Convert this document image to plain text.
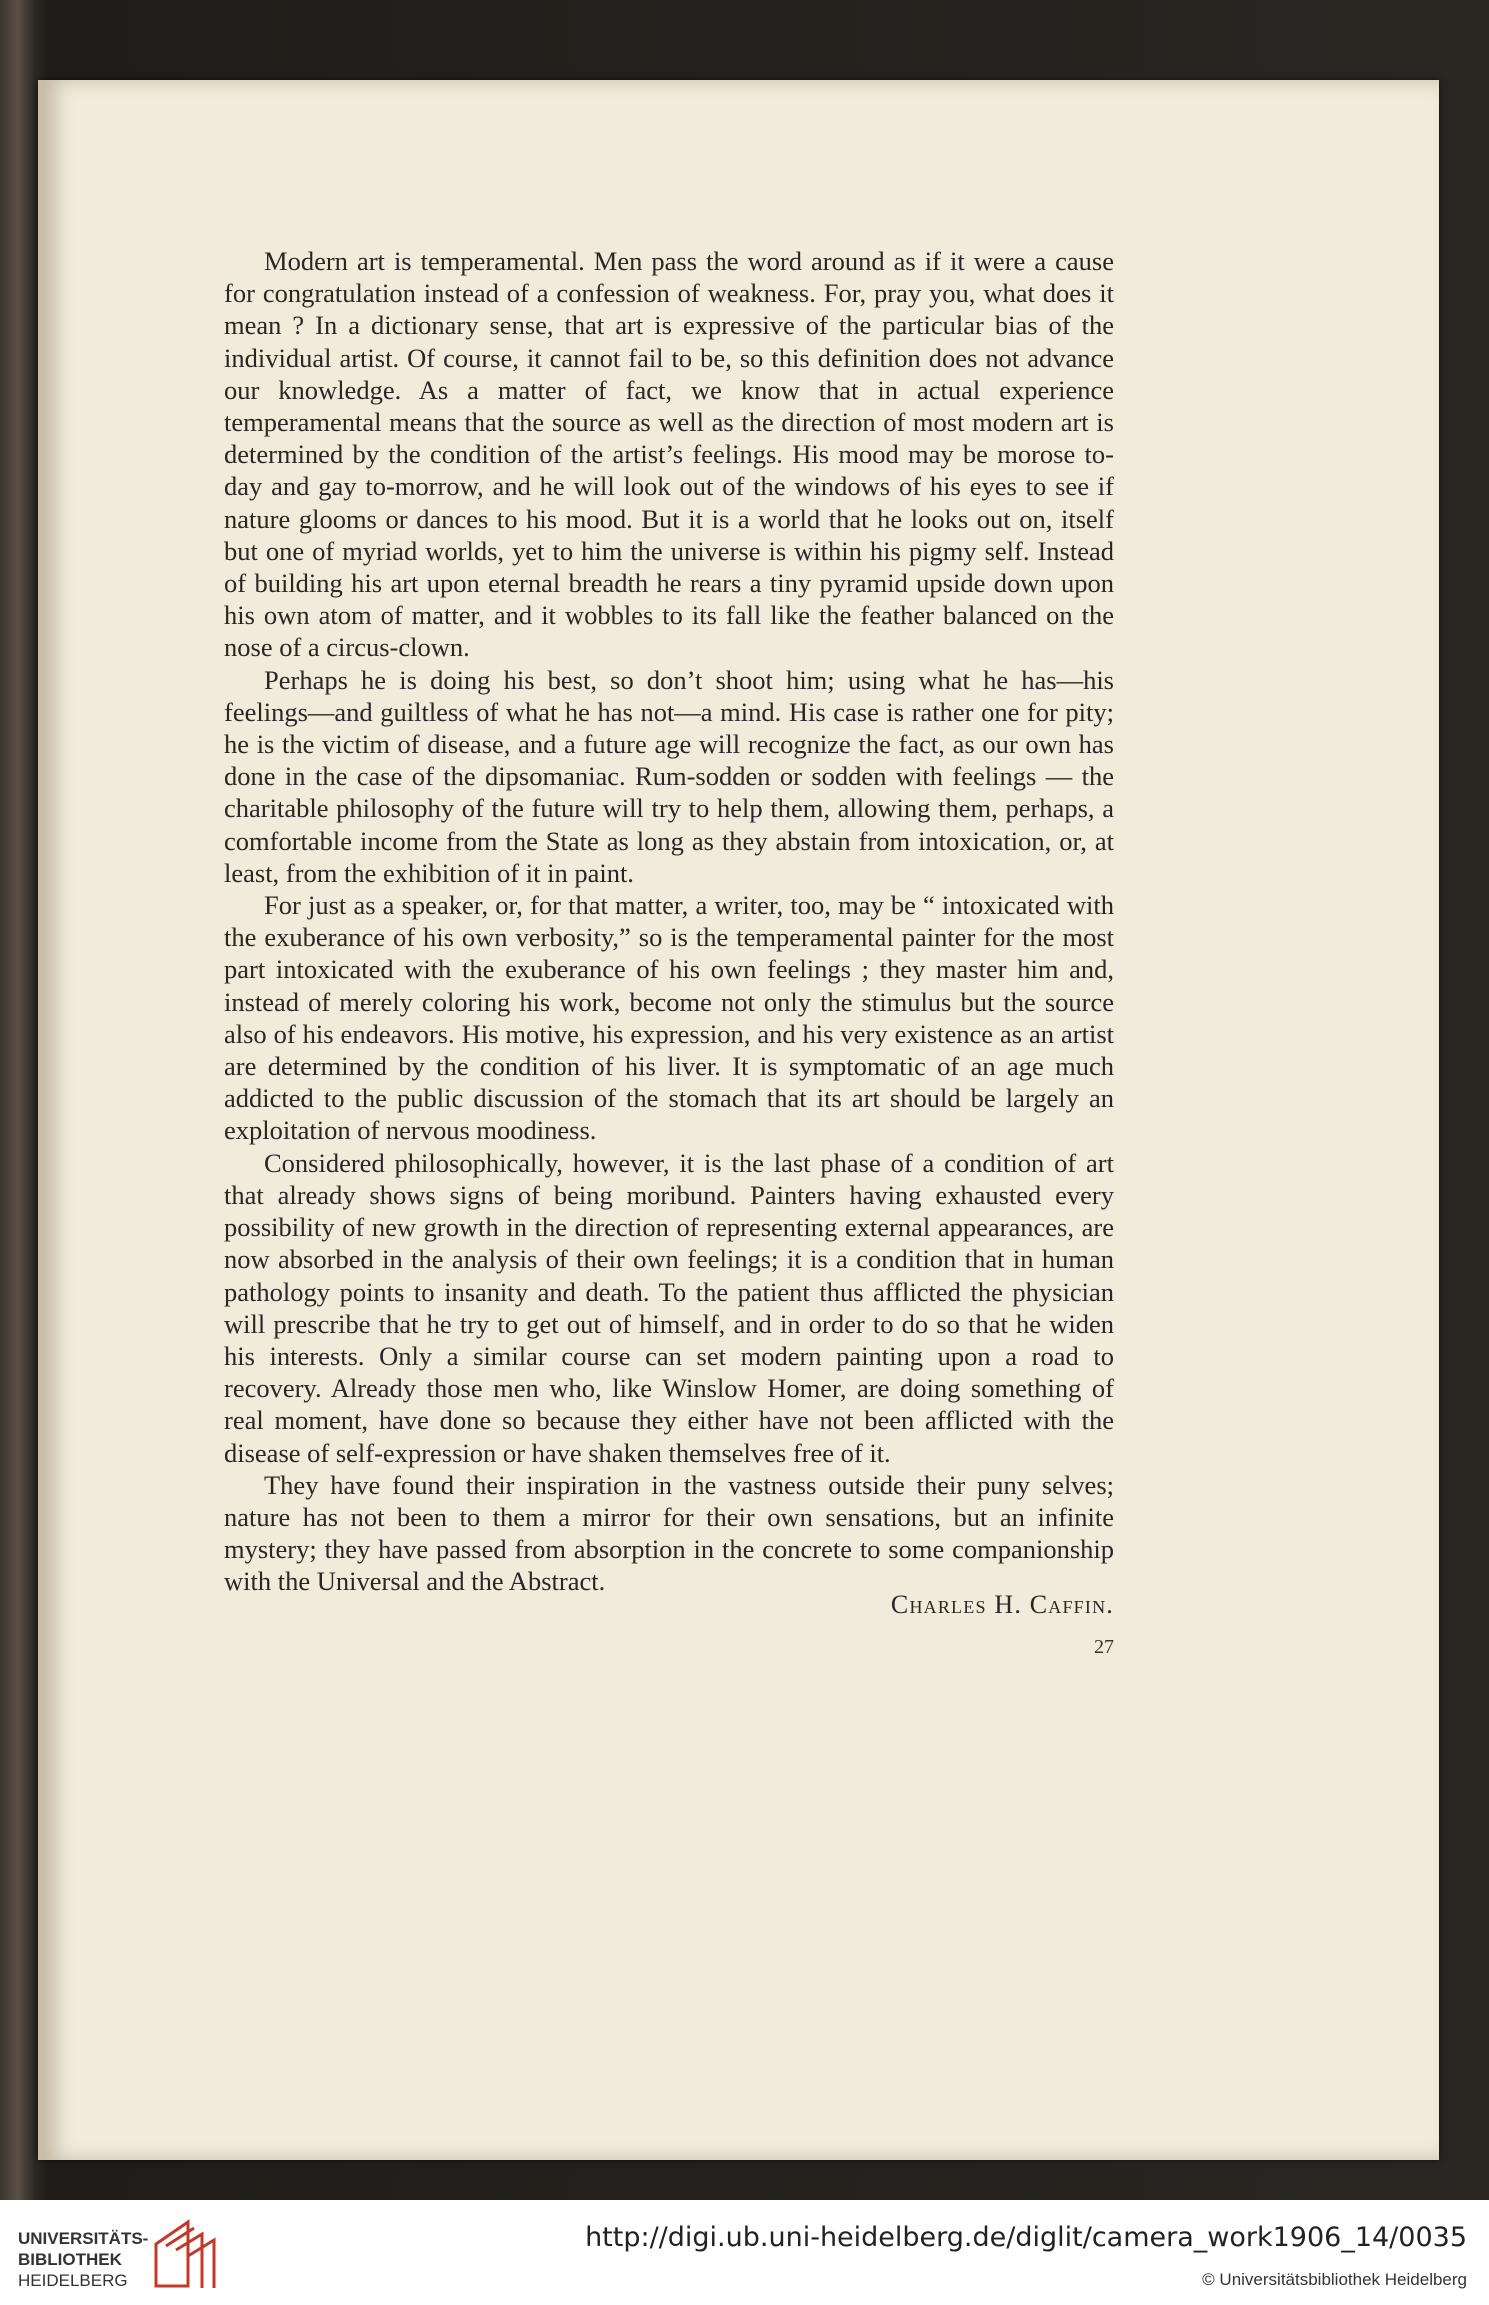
Modern art is temperamental. Men pass the word around as if it were a cause for congratulation instead of a confession of weakness. For, pray you, what does it mean ? In a dictionary sense, that art is expressive of the particular bias of the individual artist. Of course, it cannot fail to be, so this definition does not advance our knowledge. As a matter of fact, we know that in actual experience temperamental means that the source as well as the direction of most modern art is determined by the condition of the artist’s feelings. His mood may be morose to-day and gay to-morrow, and he will look out of the windows of his eyes to see if nature glooms or dances to his mood. But it is a world that he looks out on, itself but one of myriad worlds, yet to him the universe is within his pigmy self. Instead of building his art upon eternal breadth he rears a tiny pyramid upside down upon his own atom of matter, and it wobbles to its fall like the feather balanced on the nose of a circus-clown.

Perhaps he is doing his best, so don’t shoot him; using what he has—his feelings—and guiltless of what he has not—a mind. His case is rather one for pity; he is the victim of disease, and a future age will recognize the fact, as our own has done in the case of the dipsomaniac. Rum-sodden or sodden with feelings — the charitable philosophy of the future will try to help them, allowing them, perhaps, a comfortable income from the State as long as they abstain from intoxication, or, at least, from the exhibition of it in paint.

For just as a speaker, or, for that matter, a writer, too, may be “ intoxicated with the exuberance of his own verbosity,” so is the temperamental painter for the most part intoxicated with the exuberance of his own feelings ; they master him and, instead of merely coloring his work, become not only the stimulus but the source also of his endeavors. His motive, his expression, and his very existence as an artist are determined by the condition of his liver. It is symptomatic of an age much addicted to the public discussion of the stomach that its art should be largely an exploitation of nervous moodiness.

Considered philosophically, however, it is the last phase of a condition of art that already shows signs of being moribund. Painters having exhausted every possibility of new growth in the direction of representing external appearances, are now absorbed in the analysis of their own feelings; it is a condition that in human pathology points to insanity and death. To the patient thus afflicted the physician will prescribe that he try to get out of himself, and in order to do so that he widen his interests. Only a similar course can set modern painting upon a road to recovery. Already those men who, like Winslow Homer, are doing something of real moment, have done so because they either have not been afflicted with the disease of self-expression or have shaken themselves free of it.

They have found their inspiration in the vastness outside their puny selves; nature has not been to them a mirror for their own sensations, but an infinite mystery; they have passed from absorption in the concrete to some companionship with the Universal and the Abstract.

Charles H. Caffin.
27
UNIVERSITÄTS-
BIBLIOTHEK
HEIDELBERG
http://digi.ub.uni-heidelberg.de/diglit/camera_work1906_14/0035
© Universitätsbibliothek Heidelberg
